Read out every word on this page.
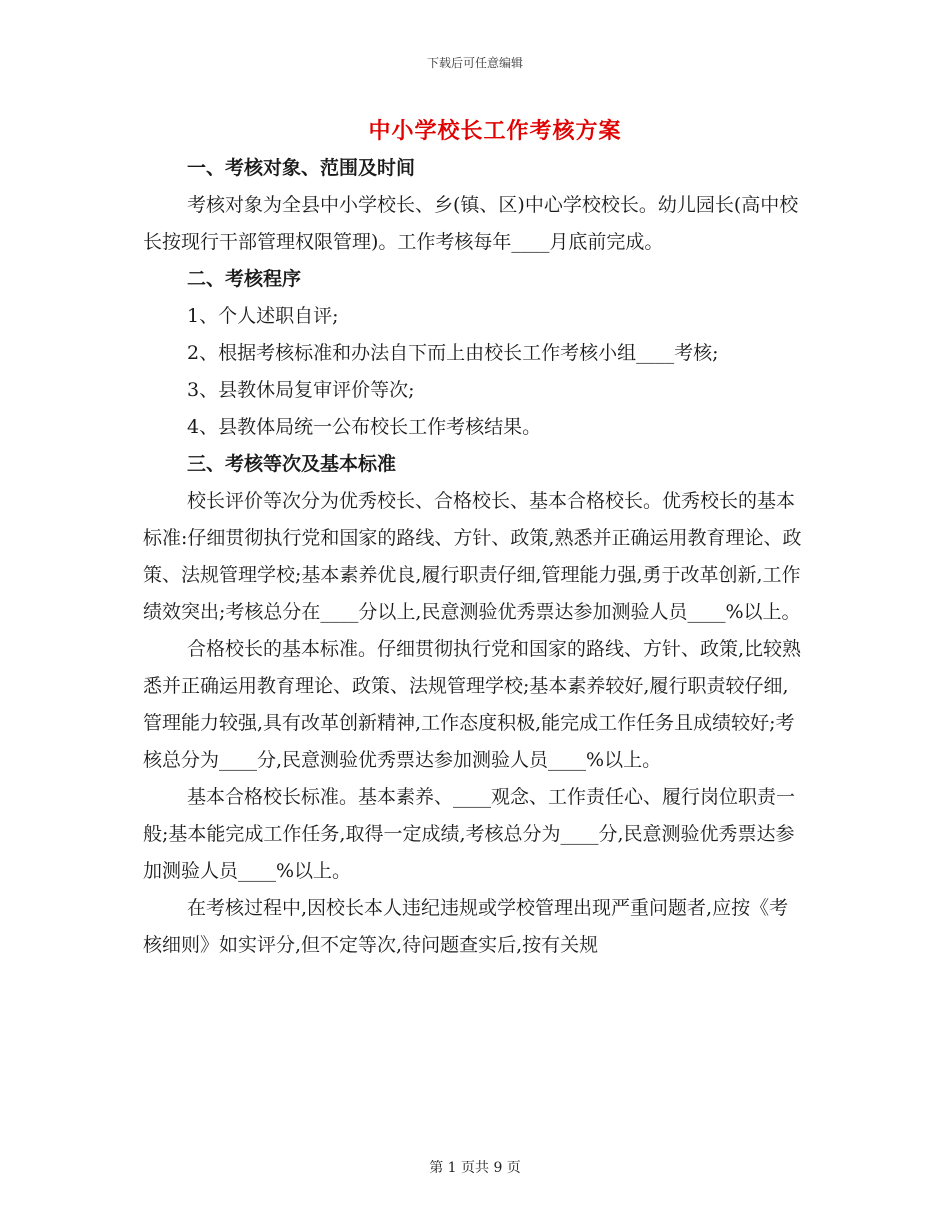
下载后可任意编辑
中小学校长工作考核方案
一、考核对象、范围及时间

考核对象为全县中小学校长、乡(镇、区)中心学校校长。幼儿园长(高中校长按现行干部管理权限管理)。工作考核每年____月底前完成。

二、考核程序

1、个人述职自评;

2、根据考核标准和办法自下而上由校长工作考核小组____考核;

3、县教休局复审评价等次;

4、县教体局统一公布校长工作考核结果。

三、考核等次及基本标准

校长评价等次分为优秀校长、合格校长、基本合格校长。优秀校长的基本标准:仔细贯彻执行党和国家的路线、方针、政策,熟悉并正确运用教育理论、政策、法规管理学校;基本素养优良,履行职责仔细,管理能力强,勇于改革创新,工作绩效突出;考核总分在____分以上,民意测验优秀票达参加测验人员____%以上。

合格校长的基本标准。仔细贯彻执行党和国家的路线、方针、政策,比较熟悉并正确运用教育理论、政策、法规管理学校;基本素养较好,履行职责较仔细,管理能力较强,具有改革创新精神,工作态度积极,能完成工作任务且成绩较好;考核总分为____分,民意测验优秀票达参加测验人员____%以上。

基本合格校长标准。基本素养、____观念、工作责任心、履行岗位职责一般;基本能完成工作任务,取得一定成绩,考核总分为____分,民意测验优秀票达参加测验人员____%以上。

在考核过程中,因校长本人违纪违规或学校管理出现严重问题者,应按《考核细则》如实评分,但不定等次,待问题查实后,按有关规

第 1 页共 9 页
